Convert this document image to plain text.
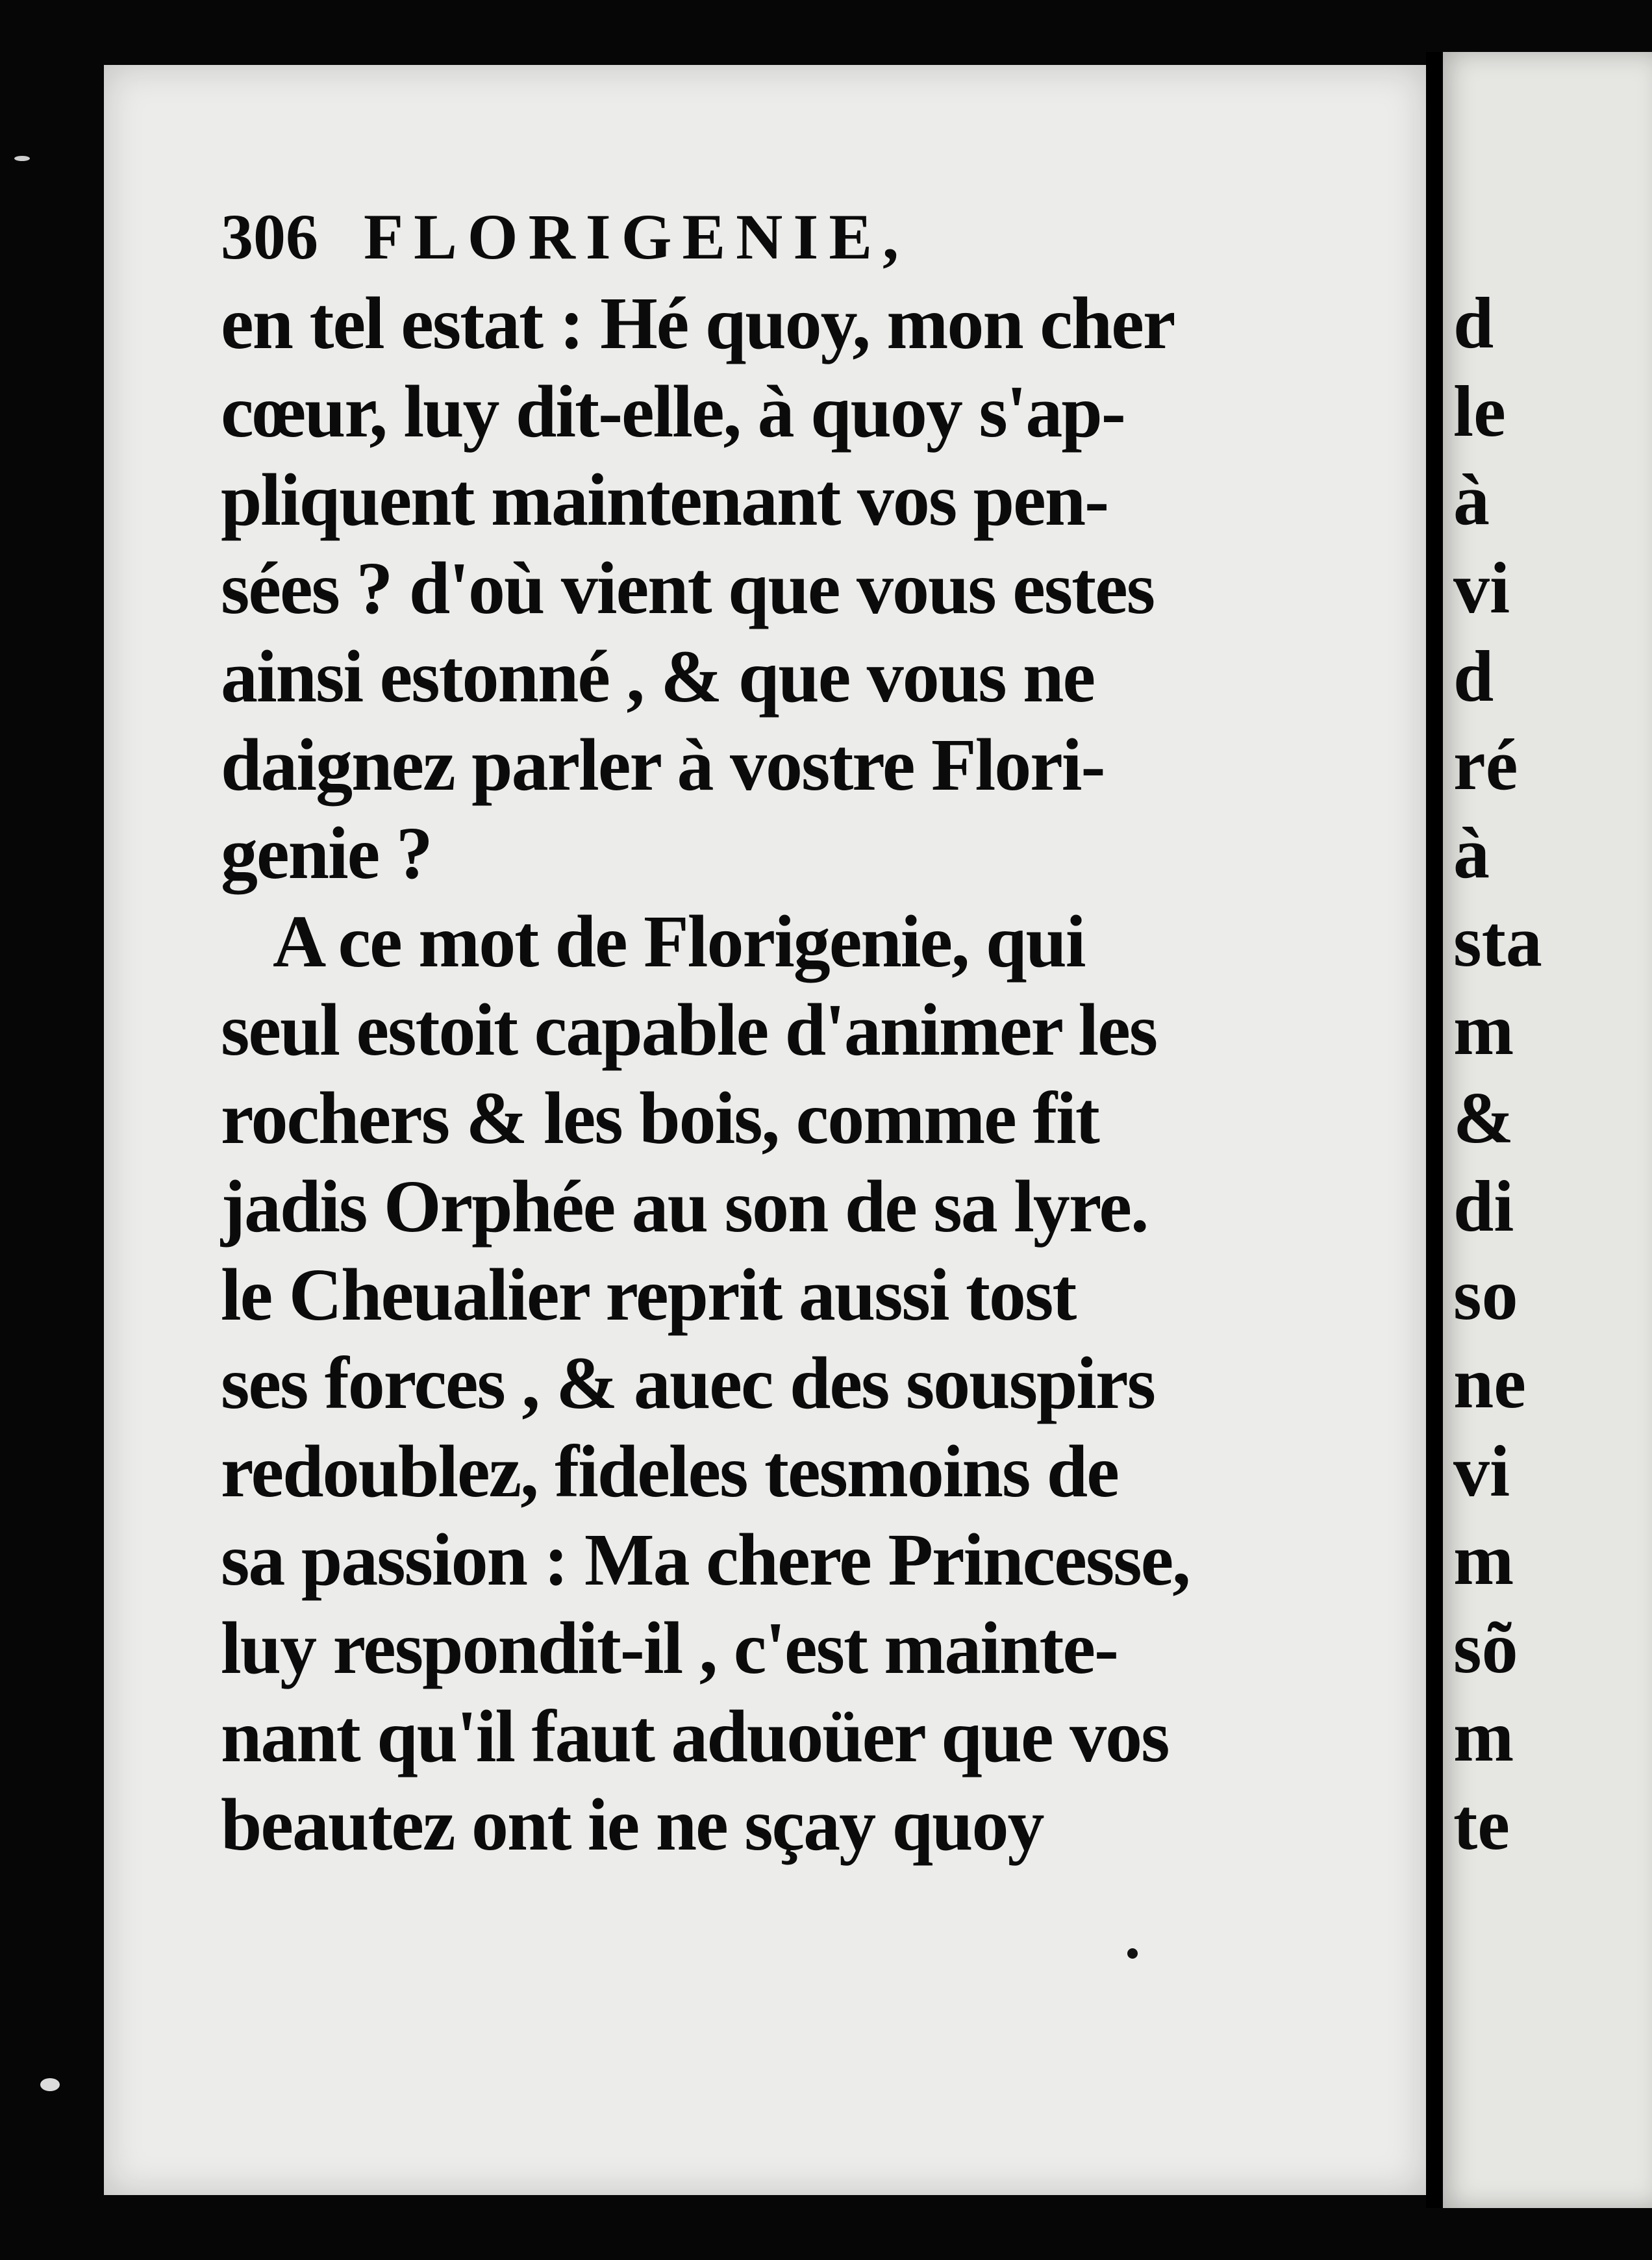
306 FLORIGENIE,
en tel estat : Hé quoy, mon cher
cœur, luy dit-elle, à quoy s'ap-
pliquent maintenant vos pen-
sées ? d'où vient que vous estes
ainsi estonné , & que vous ne
daignez parler à vostre Flori-
genie ?
A ce mot de Florigenie, qui
seul estoit capable d'animer les
rochers & les bois, comme fit
jadis Orphée au son de sa lyre.
le Cheualier reprit aussi tost
ses forces , & auec des souspirs
redoublez, fideles tesmoins de
sa passion : Ma chere Princesse,
luy respondit-il , c'est mainte-
nant qu'il faut aduoüer que vos
beautez ont ie ne sçay quoy
d
le
à
vi
d
ré
à
sta
m
&
di
so
ne
vi
m
sõ
m
te
